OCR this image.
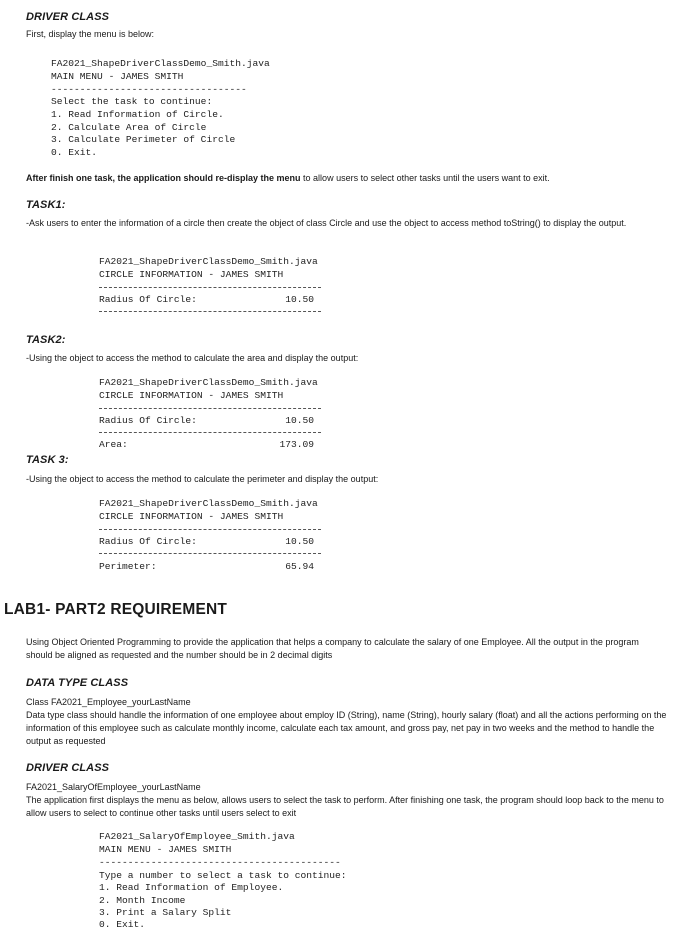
DRIVER CLASS
First, display the menu is below:
FA2021_ShapeDriverClassDemo_Smith.java
MAIN MENU - JAMES SMITH
----------------------------------
Select the task to continue:
1. Read Information of Circle.
2. Calculate Area of Circle
3. Calculate Perimeter of Circle
0. Exit.
After finish one task, the application should re-display the menu to allow users to select other tasks until the users want to exit.
TASK1:
-Ask users to enter the information of a circle then create the object of class Circle and use the object to access method toString() to display the output.
FA2021_ShapeDriverClassDemo_Smith.java
CIRCLE INFORMATION - JAMES SMITH
Radius Of Circle:	10.50
TASK2:
-Using the object to access the method to calculate the area and display the output:
FA2021_ShapeDriverClassDemo_Smith.java
CIRCLE INFORMATION - JAMES SMITH
Radius Of Circle:	10.50
Area:	173.09
TASK 3:
-Using the object to access the method to calculate the perimeter and display the output:
FA2021_ShapeDriverClassDemo_Smith.java
CIRCLE INFORMATION - JAMES SMITH
Radius Of Circle:	10.50
Perimeter:	65.94
LAB1- PART2 REQUIREMENT
Using Object Oriented Programming to provide the application that helps a company to calculate the salary of one Employee. All the output in the program should be aligned as requested and the number should be in 2 decimal digits
DATA TYPE CLASS
Class FA2021_Employee_yourLastName
Data type class should handle the information of one employee about employ ID (String), name (String), hourly salary (float) and all the actions performing on the information of this employee such as calculate monthly income, calculate each tax amount, and gross pay, net pay in two weeks and the method to handle the output as requested
DRIVER CLASS
FA2021_SalaryOfEmployee_yourLastName
The application first displays the menu as below, allows users to select the task to perform. After finishing one task, the program should loop back to the menu to allow users to select to continue other tasks until users select to exit
FA2021_SalaryOfEmployee_Smith.java
MAIN MENU - JAMES SMITH
------------------------------------------
Type a number to select a task to continue:
1. Read Information of Employee.
2. Month Income
3. Print a Salary Split
0. Exit.
